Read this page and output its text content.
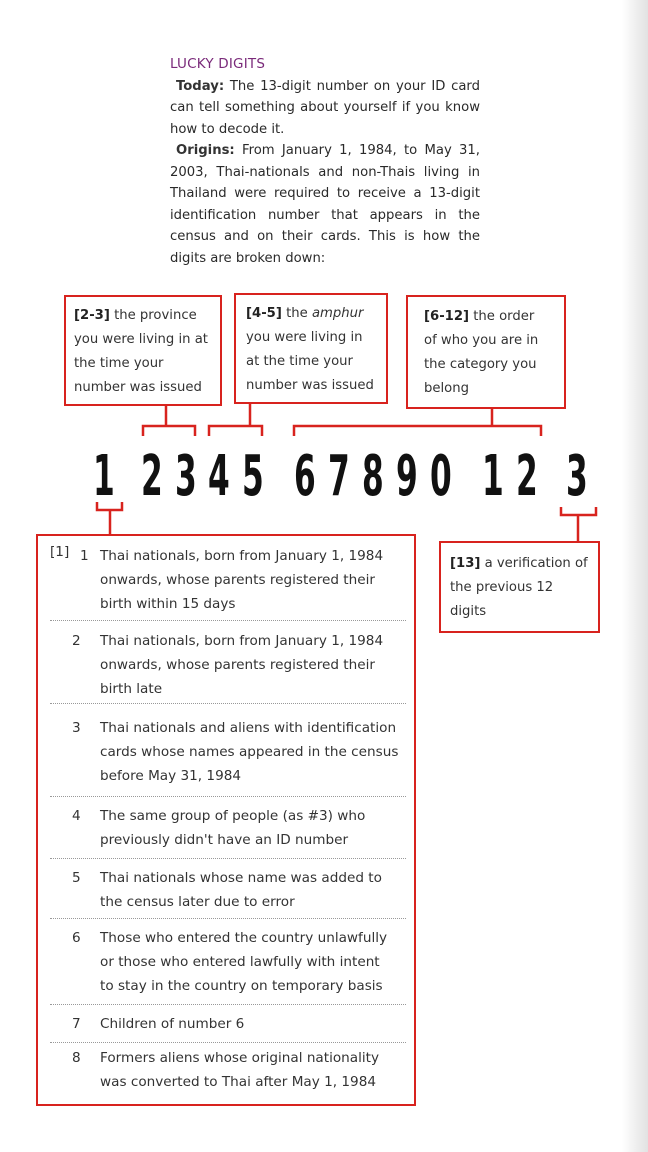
LUCKY DIGITS

Today: The 13-digit number on your ID card can tell something about yourself if you know how to decode it.

Origins: From January 1, 1984, to May 31, 2003, Thai-nationals and non-Thais living in Thailand were required to receive a 13-digit identification number that appears in the census and on their cards. This is how the digits are broken down:

[2-3] the province
you were living in at
the time your
number was issued
[4-5] the amphur
you were living in
at the time your
number was issued
[6-12] the order
of who you are in
the category you
belong
1 2 3 4 5 6 7 8 9 0 1 2 3
[13] a verification of
the previous 12
digits
[1] 1 Thai nationals, born from January 1, 1984
onwards, whose parents registered their
birth within 15 days
2 Thai nationals, born from January 1, 1984
onwards, whose parents registered their
birth late
3 Thai nationals and aliens with identification
cards whose names appeared in the census
before May 31, 1984
4 The same group of people (as #3) who
previously didn't have an ID number
5 Thai nationals whose name was added to
the census later due to error
6 Those who entered the country unlawfully
or those who entered lawfully with intent
to stay in the country on temporary basis
7 Children of number 6
8 Formers aliens whose original nationality
was converted to Thai after May 1, 1984
